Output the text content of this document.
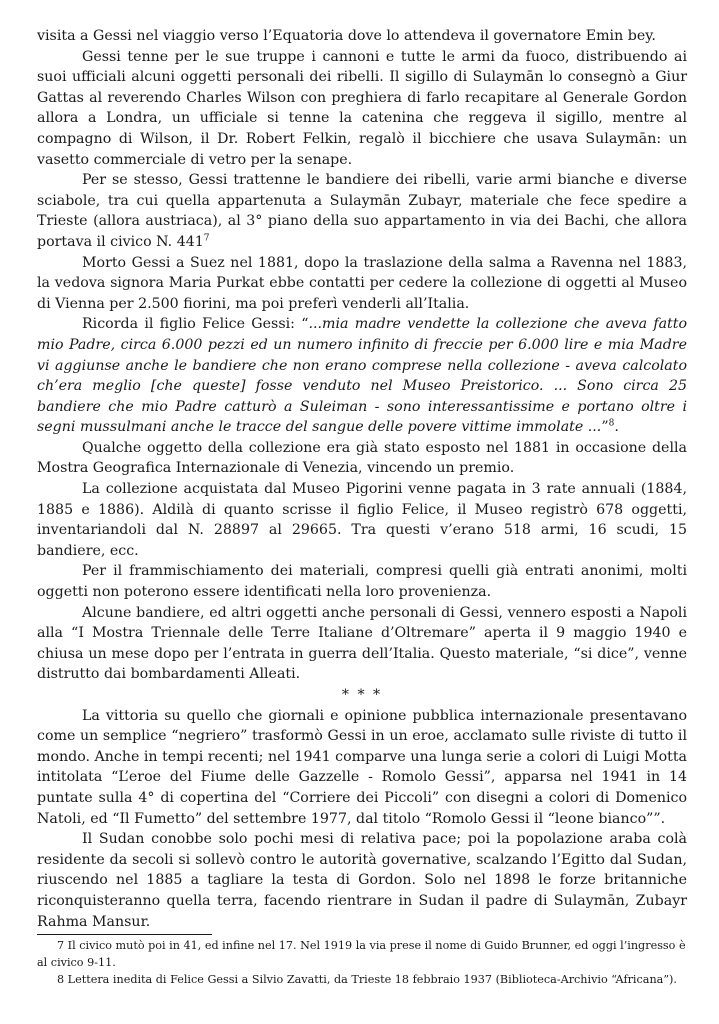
visita a Gessi nel viaggio verso l’Equatoria dove lo attendeva il governatore Emin bey.

Gessi tenne per le sue truppe i cannoni e tutte le armi da fuoco, distribuendo ai suoi ufficiali alcuni oggetti personali dei ribelli. Il sigillo di Sulaymān lo consegnò a Giur Gattas al reverendo Charles Wilson con preghiera di farlo recapitare al Generale Gordon allora a Londra, un ufficiale si tenne la catenina che reggeva il sigillo, mentre al compagno di Wilson, il Dr. Robert Felkin, regalò il bicchiere che usava Sulaymān: un vasetto commerciale di vetro per la senape.

Per se stesso, Gessi trattenne le bandiere dei ribelli, varie armi bianche e diverse sciabole, tra cui quella appartenuta a Sulaymān Zubayr, materiale che fece spedire a Trieste (allora austriaca), al 3° piano della suo appartamento in via dei Bachi, che allora portava il civico N. $441^7$

Morto Gessi a Suez nel 1881, dopo la traslazione della salma a Ravenna nel 1883, la vedova signora Maria Purkat ebbe contatti per cedere la collezione di oggetti al Museo di Vienna per 2.500 fiorini, ma poi preferì venderli all’Italia.

Ricorda il figlio Felice Gessi: “...mia madre vendette la collezione che aveva fatto mio Padre, circa 6.000 pezzi ed un numero infinito di freccie per 6.000 lire e mia Madre vi aggiunse anche le bandiere che non erano comprese nella collezione - aveva calcolato ch’era meglio [che queste] fosse venduto nel Museo Preistorico. ... Sono circa 25 bandiere che mio Padre catturò a Suleiman - sono interessantissime e portano oltre i segni mussulmani anche le tracce del sangue delle povere vittime immolate ...”$^8$.

Qualche oggetto della collezione era già stato esposto nel 1881 in occasione della Mostra Geografica Internazionale di Venezia, vincendo un premio.

La collezione acquistata dal Museo Pigorini venne pagata in 3 rate annuali (1884, 1885 e 1886). Aldilà di quanto scrisse il figlio Felice, il Museo registrò 678 oggetti, inventariandoli dal N. 28897 al 29665. Tra questi v’erano 518 armi, 16 scudi, 15 bandiere, ecc.

Per il frammischiamento dei materiali, compresi quelli già entrati anonimi, molti oggetti non poterono essere identificati nella loro provenienza.

Alcune bandiere, ed altri oggetti anche personali di Gessi, vennero esposti a Napoli alla “I Mostra Triennale delle Terre Italiane d’Oltremare” aperta il 9 maggio 1940 e chiusa un mese dopo per l’entrata in guerra dell’Italia. Questo materiale, “si dice”, venne distrutto dai bombardamenti Alleati.

* * *

La vittoria su quello che giornali e opinione pubblica internazionale presentavano come un semplice “negriero” trasformò Gessi in un eroe, acclamato sulle riviste di tutto il mondo. Anche in tempi recenti; nel 1941 comparve una lunga serie a colori di Luigi Motta intitolata “L’eroe del Fiume delle Gazzelle - Romolo Gessi”, apparsa nel 1941 in 14 puntate sulla 4° di copertina del “Corriere dei Piccoli” con disegni a colori di Domenico Natoli, ed “Il Fumetto” del settembre 1977, dal titolo “Romolo Gessi il “leone bianco””.

Il Sudan conobbe solo pochi mesi di relativa pace; poi la popolazione araba colà residente da secoli si sollevò contro le autorità governative, scalzando l’Egitto dal Sudan, riuscendo nel 1885 a tagliare la testa di Gordon. Solo nel 1898 le forze britanniche riconquisteranno quella terra, facendo rientrare in Sudan il padre di Sulaymān, Zubayr Rahma Mansur.

7 Il civico mutò poi in 41, ed infine nel 17. Nel 1919 la via prese il nome di Guido Brunner, ed oggi l’ingresso è al civico 9-11.

8 Lettera inedita di Felice Gessi a Silvio Zavatti, da Trieste 18 febbraio 1937 (Biblioteca-Archivio “Africana”).
